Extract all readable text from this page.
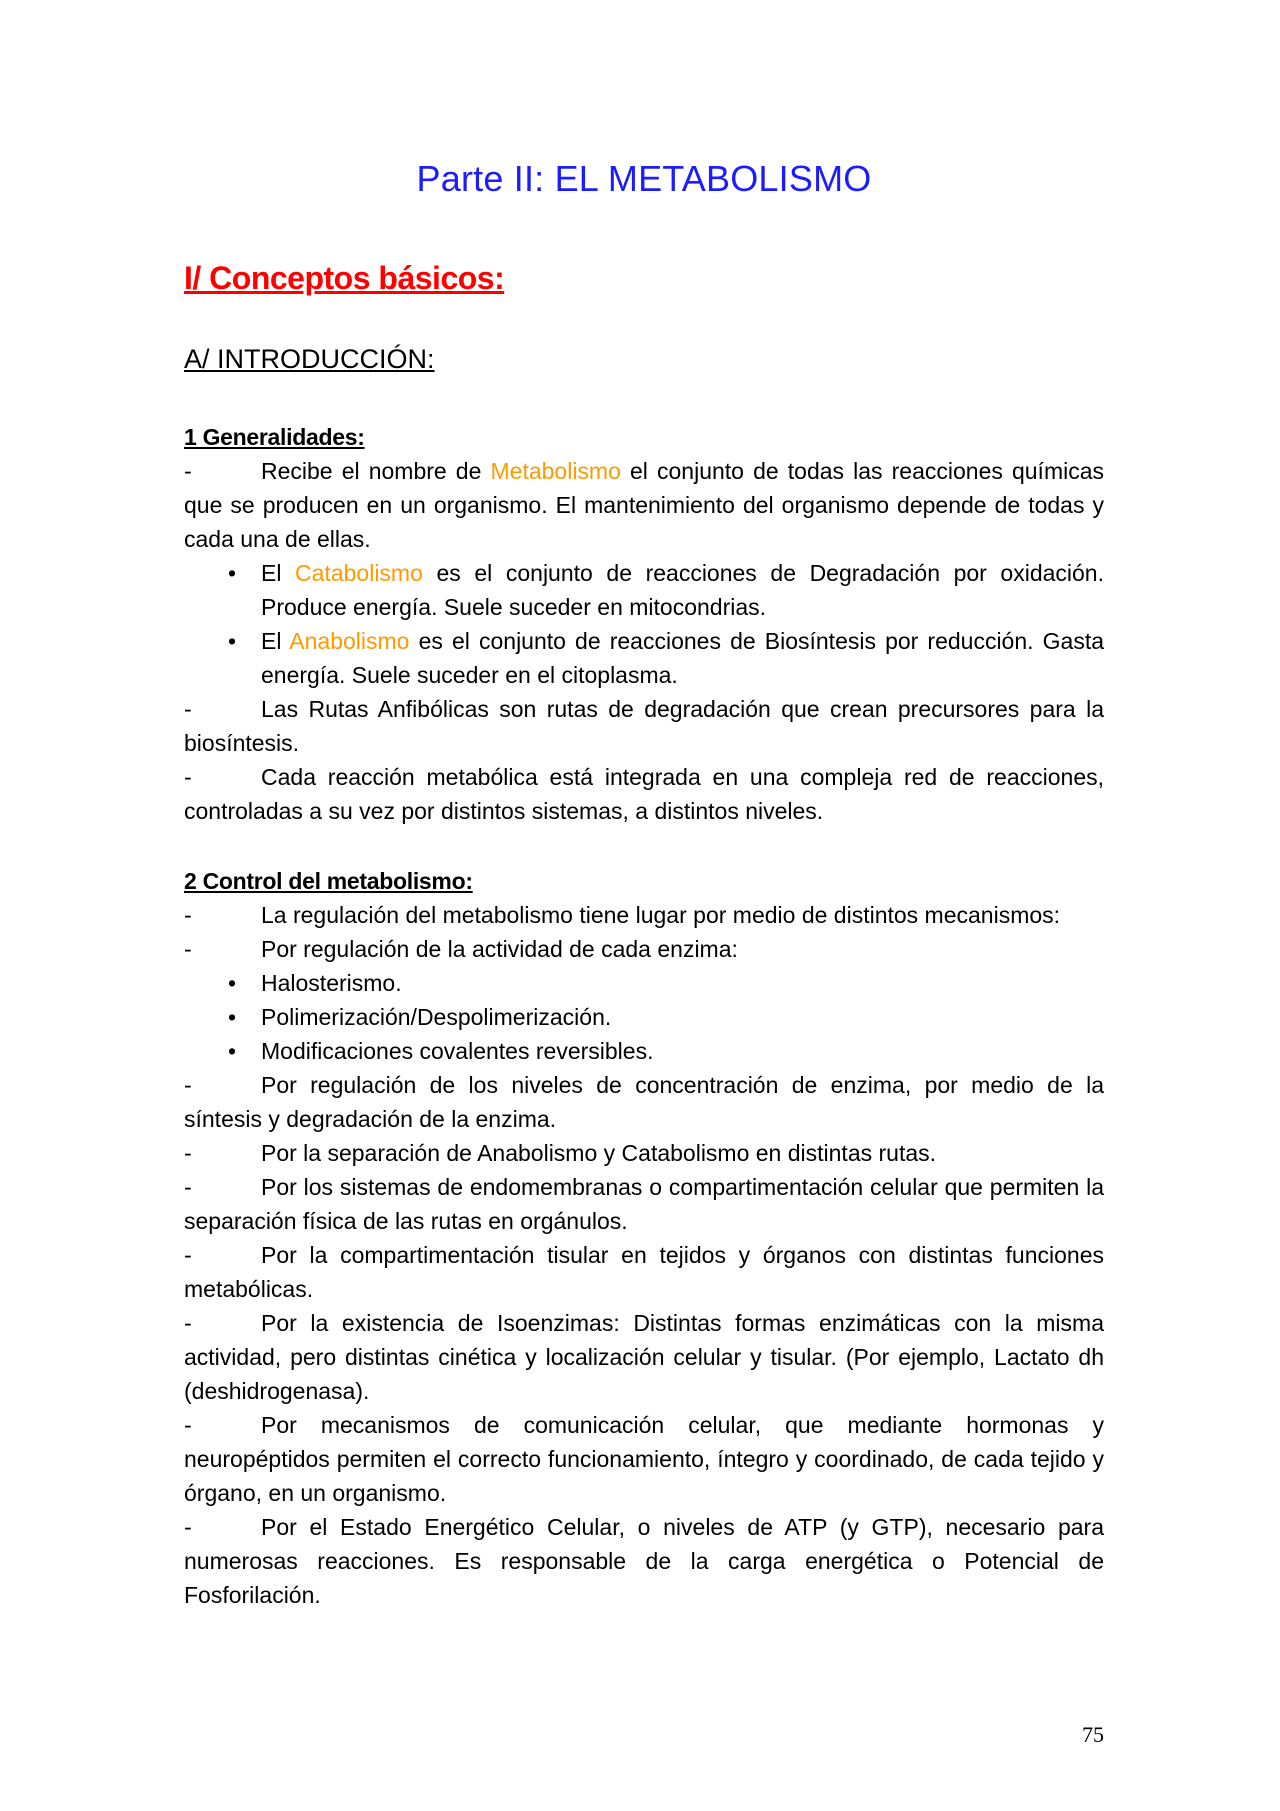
Parte II: EL METABOLISMO
I/ Conceptos básicos:
A/ INTRODUCCIÓN:
1 Generalidades:

-	Recibe el nombre de Metabolismo el conjunto de todas las reacciones químicas que se producen en un organismo. El mantenimiento del organismo depende de todas y cada una de ellas.

• El Catabolismo es el conjunto de reacciones de Degradación por oxidación. Produce energía. Suele suceder en mitocondrias.
• El Anabolismo es el conjunto de reacciones de Biosíntesis por reducción. Gasta energía. Suele suceder en el citoplasma.

-	Las Rutas Anfibólicas son rutas de degradación que crean precursores para la biosíntesis.

-	Cada reacción metabólica está integrada en una compleja red de reacciones, controladas a su vez por distintos sistemas, a distintos niveles.

2 Control del metabolismo:

-	La regulación del metabolismo tiene lugar por medio de distintos mecanismos:

-	Por regulación de la actividad de cada enzima:

• Halosterismo.
• Polimerización/Despolimerización.
• Modificaciones covalentes reversibles.

-	Por regulación de los niveles de concentración de enzima, por medio de la síntesis y degradación de la enzima.

-	Por la separación de Anabolismo y Catabolismo en distintas rutas.

-	Por los sistemas de endomembranas o compartimentación celular que permiten la separación física de las rutas en orgánulos.

-	Por la compartimentación tisular en tejidos y órganos con distintas funciones metabólicas.

-	Por la existencia de Isoenzimas: Distintas formas enzimáticas con la misma actividad, pero distintas cinética y localización celular y tisular. (Por ejemplo, Lactato dh (deshidrogenasa).

-	Por mecanismos de comunicación celular, que mediante hormonas y neuropéptidos permiten el correcto funcionamiento, íntegro y coordinado, de cada tejido y órgano, en un organismo.

-	Por el Estado Energético Celular, o niveles de ATP (y GTP), necesario para numerosas reacciones. Es responsable de la carga energética o Potencial de Fosforilación.

75
